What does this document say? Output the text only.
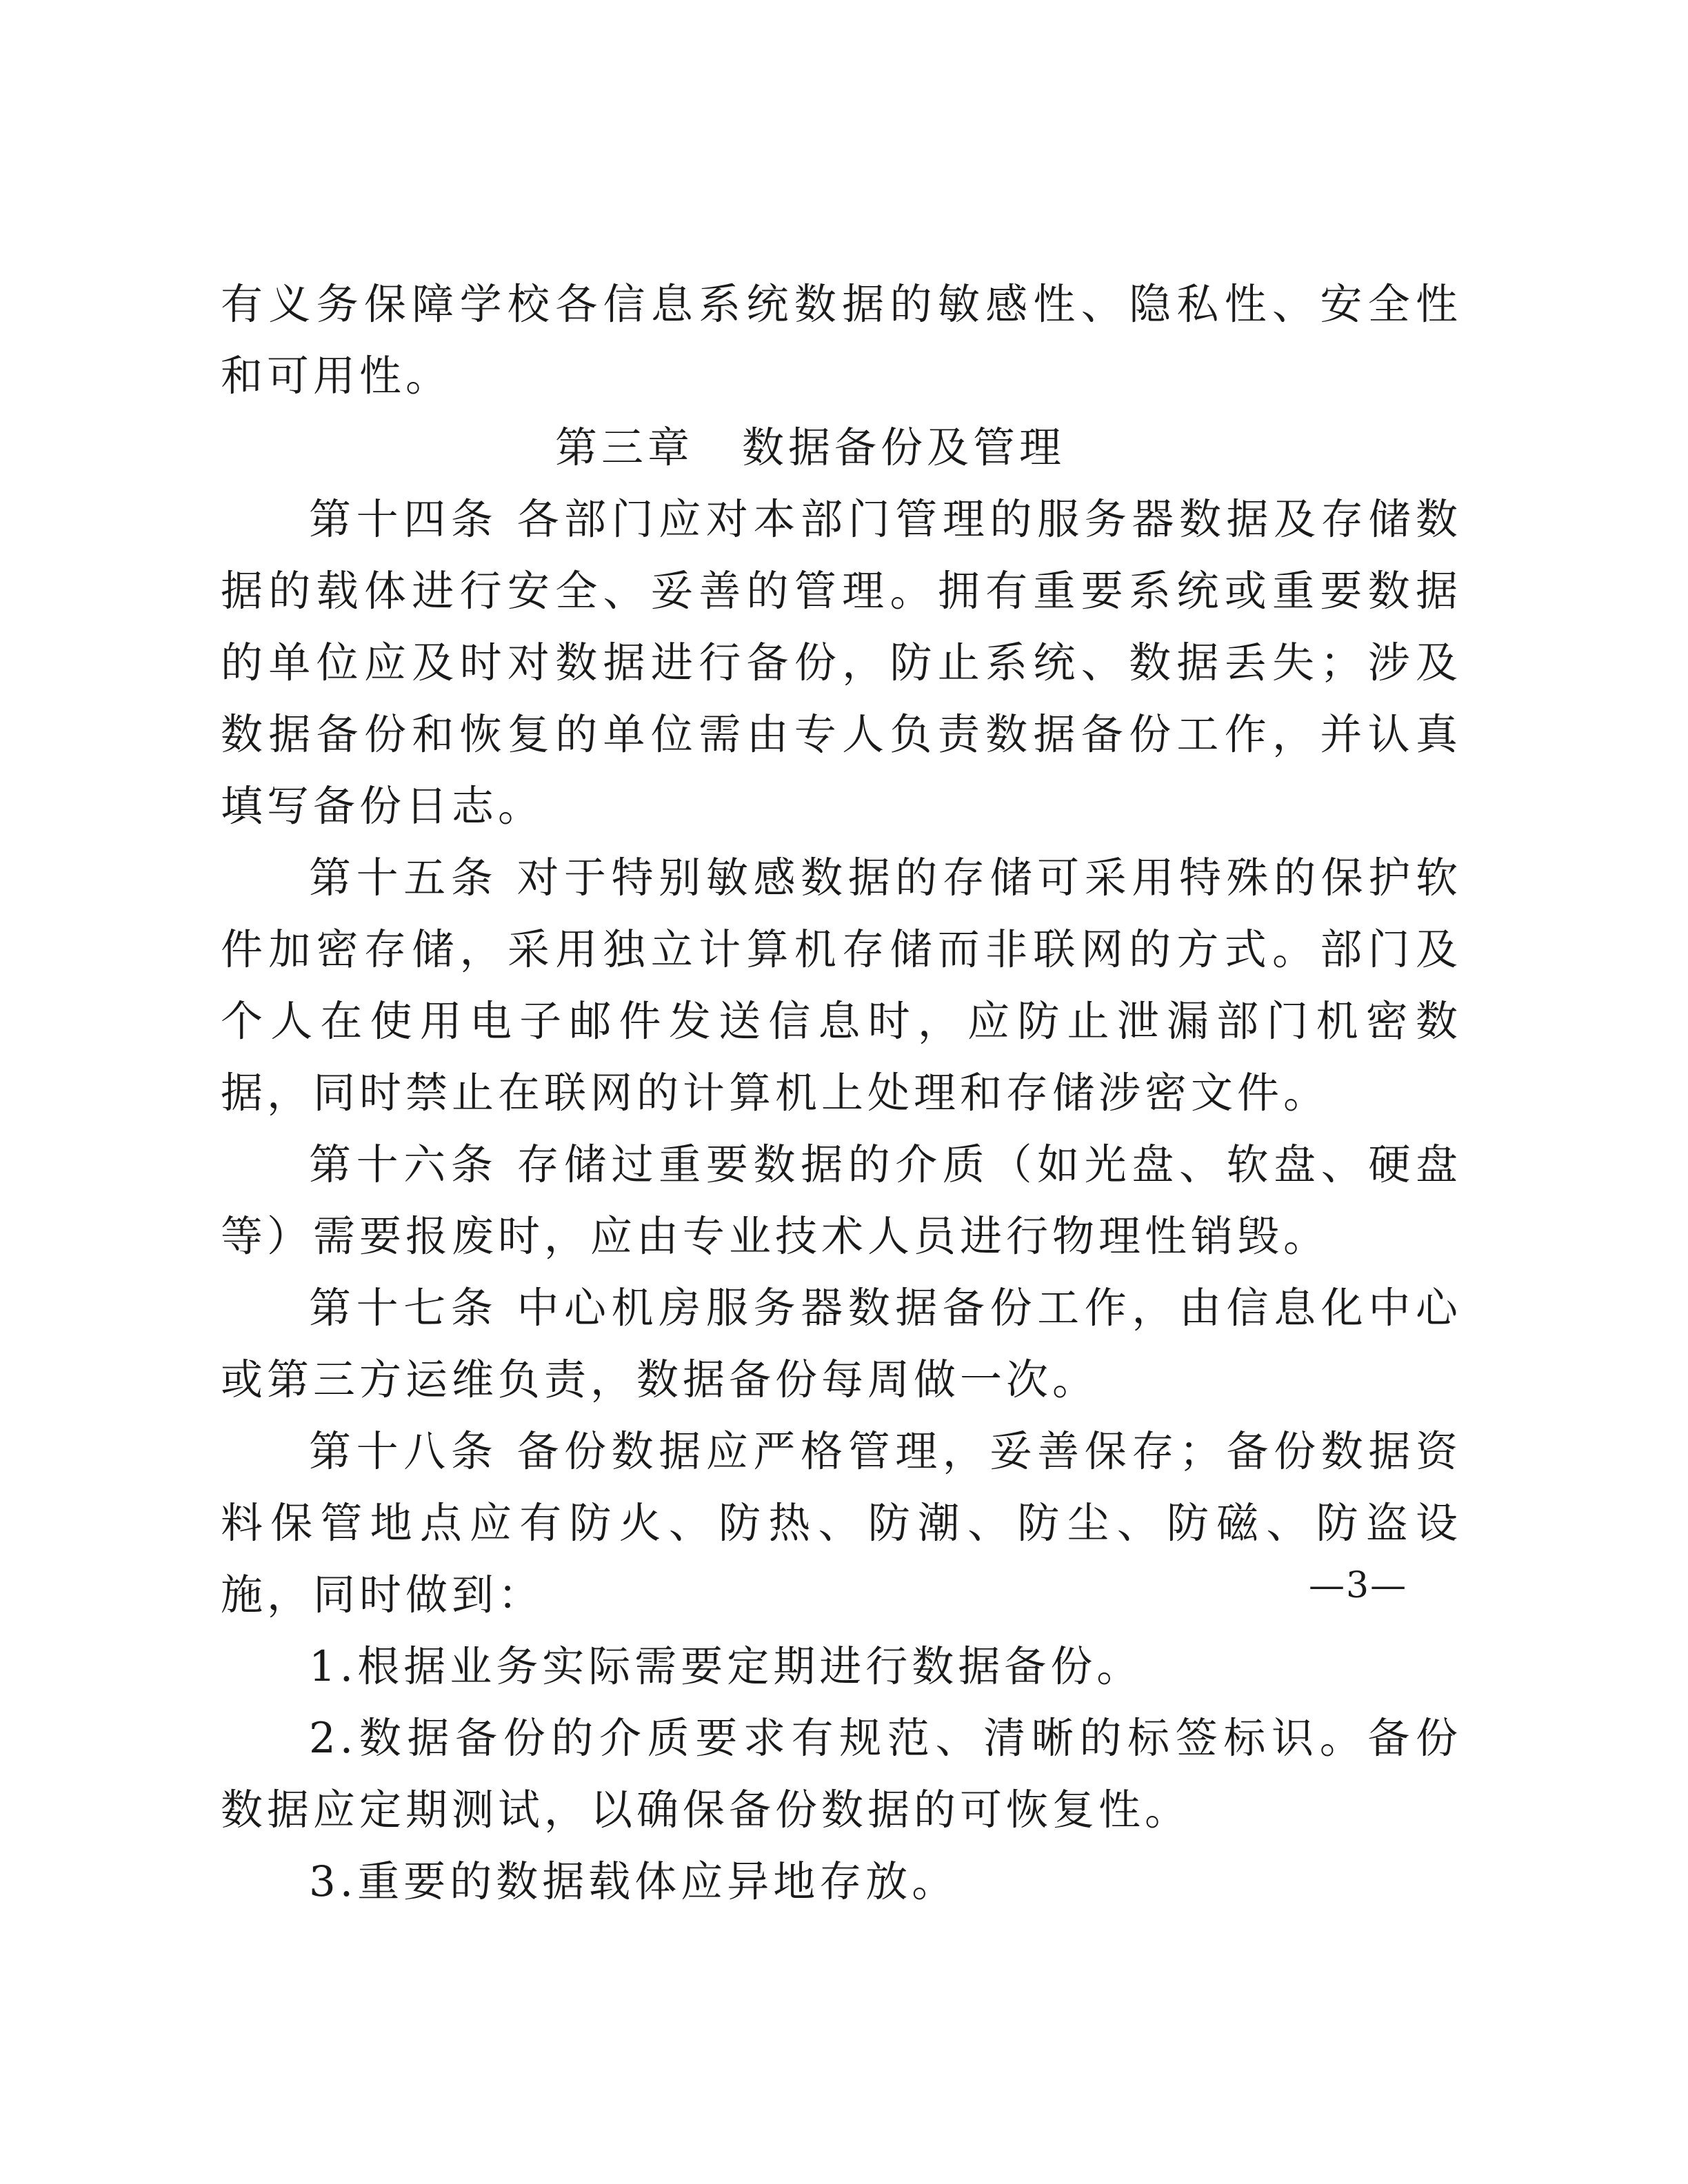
有义务保障学校各信息系统数据的敏感性、隐私性、安全性和可用性。

第三章 数据备份及管理

第十四条 各部门应对本部门管理的服务器数据及存储数据的载体进行安全、妥善的管理。拥有重要系统或重要数据的单位应及时对数据进行备份，防止系统、数据丢失；涉及数据备份和恢复的单位需由专人负责数据备份工作，并认真填写备份日志。

第十五条 对于特别敏感数据的存储可采用特殊的保护软件加密存储，采用独立计算机存储而非联网的方式。部门及个人在使用电子邮件发送信息时，应防止泄漏部门机密数据，同时禁止在联网的计算机上处理和存储涉密文件。

第十六条 存储过重要数据的介质（如光盘、软盘、硬盘等）需要报废时，应由专业技术人员进行物理性销毁。

第十七条 中心机房服务器数据备份工作，由信息化中心或第三方运维负责，数据备份每周做一次。

第十八条 备份数据应严格管理，妥善保存；备份数据资料保管地点应有防火、防热、防潮、防尘、防磁、防盗设施，同时做到：

1.根据业务实际需要定期进行数据备份。

2.数据备份的介质要求有规范、清晰的标签标识。备份数据应定期测试，以确保备份数据的可恢复性。

3.重要的数据载体应异地存放。

—3—
